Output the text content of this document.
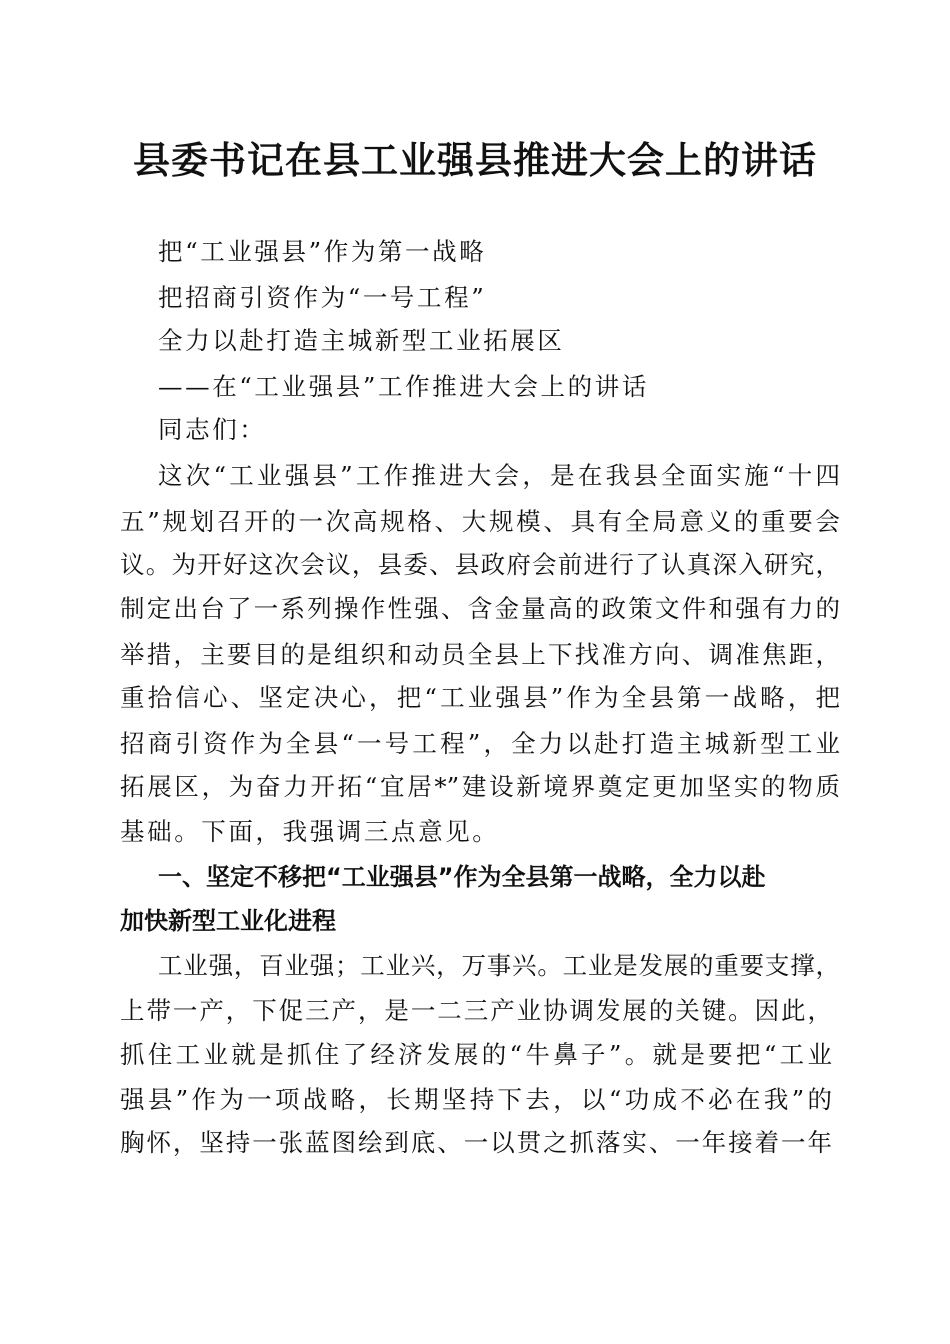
县委书记在县工业强县推进大会上的讲话
把“工业强县”作为第一战略
把招商引资作为“一号工程”
全力以赴打造主城新型工业拓展区
——在“工业强县”工作推进大会上的讲话
同志们：
这次“工业强县”工作推进大会，是在我县全面实施“十四
五”规划召开的一次高规格、大规模、具有全局意义的重要会
议。为开好这次会议，县委、县政府会前进行了认真深入研究，
制定出台了一系列操作性强、含金量高的政策文件和强有力的
举措，主要目的是组织和动员全县上下找准方向、调准焦距，
重拾信心、坚定决心，把“工业强县”作为全县第一战略，把
招商引资作为全县“一号工程”，全力以赴打造主城新型工业
拓展区，为奋力开拓“宜居*”建设新境界奠定更加坚实的物质
基础。下面，我强调三点意见。
一、坚定不移把“工业强县”作为全县第一战略，全力以赴
加快新型工业化进程
工业强，百业强；工业兴，万事兴。工业是发展的重要支撑，
上带一产，下促三产，是一二三产业协调发展的关键。因此，
抓住工业就是抓住了经济发展的“牛鼻子”。就是要把“工业
强县”作为一项战略，长期坚持下去，以“功成不必在我”的
胸怀，坚持一张蓝图绘到底、一以贯之抓落实、一年接着一年
